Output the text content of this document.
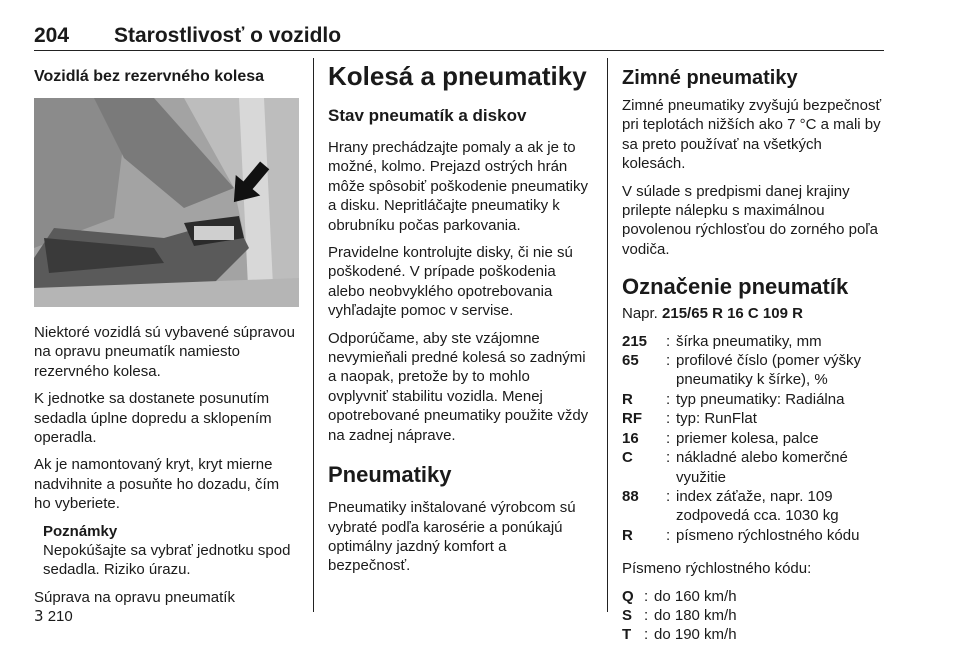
204 Starostlivosť o vozidlo
Vozidlá bez rezervného kolesa

Niektoré vozidlá sú vybavené súpravou na opravu pneumatík namiesto rezervného kolesa.

K jednotke sa dostanete posunutím sedadla úplne dopredu a sklopením operadla.

Ak je namontovaný kryt, kryt mierne nadvihnite a posuňte ho dozadu, čím ho vyberiete.

Poznámky

Nepokúšajte sa vybrať jednotku spod sedadla. Riziko úrazu.

Súprava na opravu pneumatík
3 210

Kolesá a pneumatiky
Stav pneumatík a diskov

Hrany prechádzajte pomaly a ak je to možné, kolmo. Prejazd ostrých hrán môže spôsobiť poškodenie pneumatiky a disku. Nepritláčajte pneumatiky k obrubníku počas parkovania.

Pravidelne kontrolujte disky, či nie sú poškodené. V prípade poškodenia alebo neobvyklého opotrebovania vyhľadajte pomoc v servise.

Odporúčame, aby ste vzájomne nevymieňali predné kolesá so zadnými a naopak, pretože by to mohlo ovplyvniť stabilitu vozidla. Menej opotrebované pneumatiky použite vždy na zadnej náprave.

Pneumatiky

Pneumatiky inštalované výrobcom sú vybraté podľa karosérie a ponúkajú optimálny jazdný komfort a bezpečnosť.

Zimné pneumatiky

Zimné pneumatiky zvyšujú bezpečnosť pri teplotách nižších ako 7 °C a mali by sa preto používať na všetkých kolesách.

V súlade s predpismi danej krajiny prilepte nálepku s maximálnou povolenou rýchlosťou do zorného poľa vodiča.

Označenie pneumatík

Napr. 215/65 R 16 C 109 R

215	: šírka pneumatiky, mm
65	: profilové číslo (pomer výšky pneumatiky k šírke), %
R	: typ pneumatiky: Radiálna
RF	: typ: RunFlat
16	: priemer kolesa, palce
C	: nákladné alebo komerčné využitie
88	: index záťaže, napr. 109 zodpovedá cca. 1030 kg
R	: písmeno rýchlostného kódu

Písmeno rýchlostného kódu:

Q : do 160 km/h
S : do 180 km/h
T : do 190 km/h
